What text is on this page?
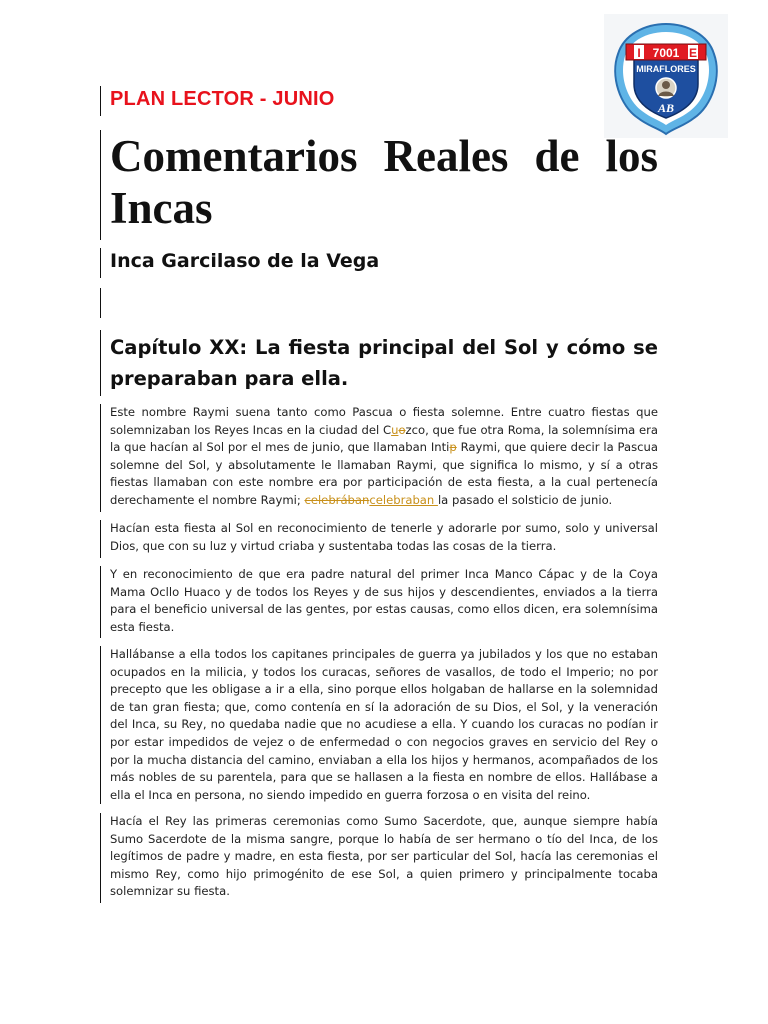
I 7001 E
MIRAFLORES
AB

PLAN LECTOR - JUNIO

Comentarios Reales de los Incas

Inca Garcilaso de la Vega

Capítulo XX: La fiesta principal del Sol y cómo se preparaban para ella.

Este nombre Raymi suena tanto como Pascua o fiesta solemne. Entre cuatro fiestas que solemnizaban los Reyes Incas en la ciudad del Cuozco, que fue otra Roma, la solemnísima era la que hacían al Sol por el mes de junio, que llamaban Intip Raymi, que quiere decir la Pascua solemne del Sol, y absolutamente le llamaban Raymi, que significa lo mismo, y sí a otras fiestas llamaban con este nombre era por participación de esta fiesta, a la cual pertenecía derechamente el nombre Raymi; celebrábancelebraban la pasado el solsticio de junio.

Hacían esta fiesta al Sol en reconocimiento de tenerle y adorarle por sumo, solo y universal Dios, que con su luz y virtud criaba y sustentaba todas las cosas de la tierra.

Y en reconocimiento de que era padre natural del primer Inca Manco Cápac y de la Coya Mama Ocllo Huaco y de todos los Reyes y de sus hijos y descendientes, enviados a la tierra para el beneficio universal de las gentes, por estas causas, como ellos dicen, era solemnísima esta fiesta.

Hallábanse a ella todos los capitanes principales de guerra ya jubilados y los que no estaban ocupados en la milicia, y todos los curacas, señores de vasallos, de todo el Imperio; no por precepto que les obligase a ir a ella, sino porque ellos holgaban de hallarse en la solemnidad de tan gran fiesta; que, como contenía en sí la adoración de su Dios, el Sol, y la veneración del Inca, su Rey, no quedaba nadie que no acudiese a ella. Y cuando los curacas no podían ir por estar impedidos de vejez o de enfermedad o con negocios graves en servicio del Rey o por la mucha distancia del camino, enviaban a ella los hijos y hermanos, acompañados de los más nobles de su parentela, para que se hallasen a la fiesta en nombre de ellos. Hallábase a ella el Inca en persona, no siendo impedido en guerra forzosa o en visita del reino.

Hacía el Rey las primeras ceremonias como Sumo Sacerdote, que, aunque siempre había Sumo Sacerdote de la misma sangre, porque lo había de ser hermano o tío del Inca, de los legítimos de padre y madre, en esta fiesta, por ser particular del Sol, hacía las ceremonias el mismo Rey, como hijo primogénito de ese Sol, a quien primero y principalmente tocaba solemnizar su fiesta.
